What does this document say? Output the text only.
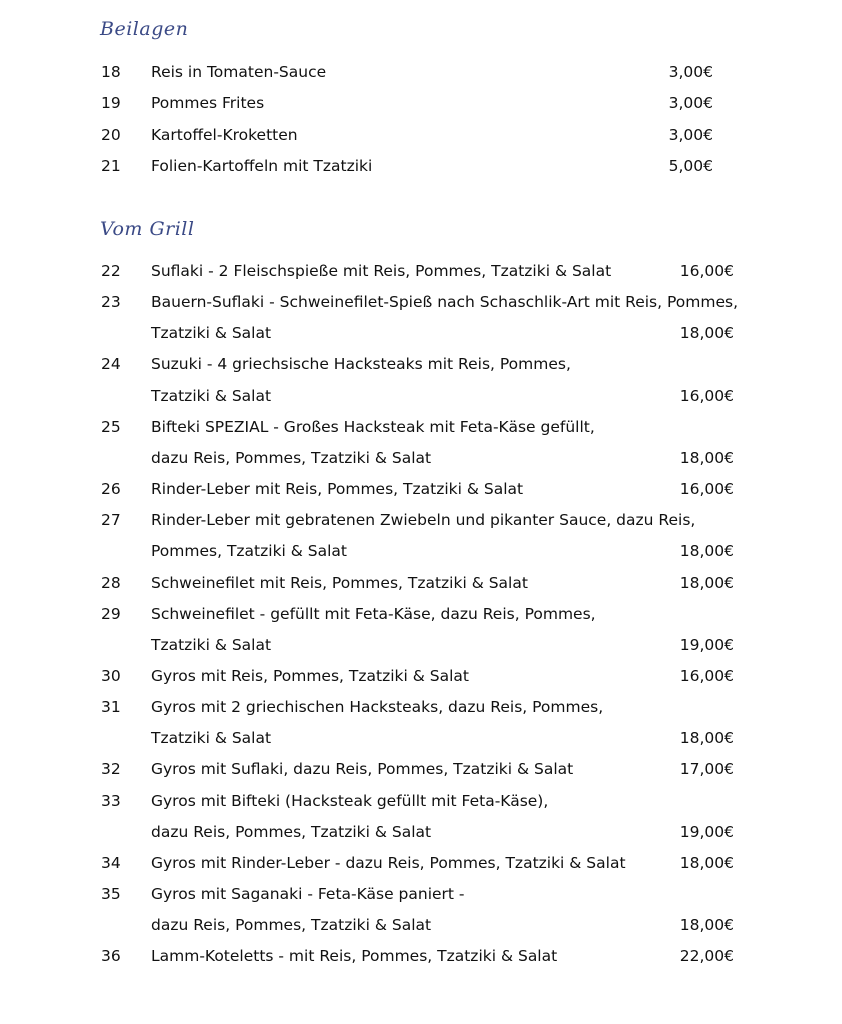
Beilagen
18	Reis in Tomaten-Sauce	3,00€
19	Pommes Frites	3,00€
20	Kartoffel-Kroketten	3,00€
21	Folien-Kartoffeln mit Tzatziki	5,00€
Vom Grill
22	Suflaki - 2 Fleischspieße mit Reis, Pommes, Tzatziki & Salat	16,00€
23	Bauern-Suflaki - Schweinefilet-Spieß nach Schaschlik-Art mit Reis, Pommes,
Tzatziki & Salat	18,00€
24	Suzuki - 4 griechsische Hacksteaks mit Reis, Pommes,
Tzatziki & Salat	16,00€
25	Bifteki SPEZIAL - Großes Hacksteak mit Feta-Käse gefüllt,
dazu Reis, Pommes, Tzatziki & Salat	18,00€
26	Rinder-Leber mit Reis, Pommes, Tzatziki & Salat	16,00€
27	Rinder-Leber mit gebratenen Zwiebeln und pikanter Sauce, dazu Reis,
Pommes, Tzatziki & Salat	18,00€
28	Schweinefilet mit Reis, Pommes, Tzatziki & Salat	18,00€
29	Schweinefilet - gefüllt mit Feta-Käse, dazu Reis, Pommes,
Tzatziki & Salat	19,00€
30	Gyros mit Reis, Pommes, Tzatziki & Salat	16,00€
31	Gyros mit 2 griechischen Hacksteaks, dazu Reis, Pommes,
Tzatziki & Salat	18,00€
32	Gyros mit Suflaki, dazu Reis, Pommes, Tzatziki & Salat	17,00€
33	Gyros mit Bifteki (Hacksteak gefüllt mit Feta-Käse),
dazu Reis, Pommes, Tzatziki & Salat	19,00€
34	Gyros mit Rinder-Leber - dazu Reis, Pommes, Tzatziki & Salat	18,00€
35	Gyros mit Saganaki - Feta-Käse paniert -
dazu Reis, Pommes, Tzatziki & Salat	18,00€
36	Lamm-Koteletts - mit Reis, Pommes, Tzatziki & Salat	22,00€
